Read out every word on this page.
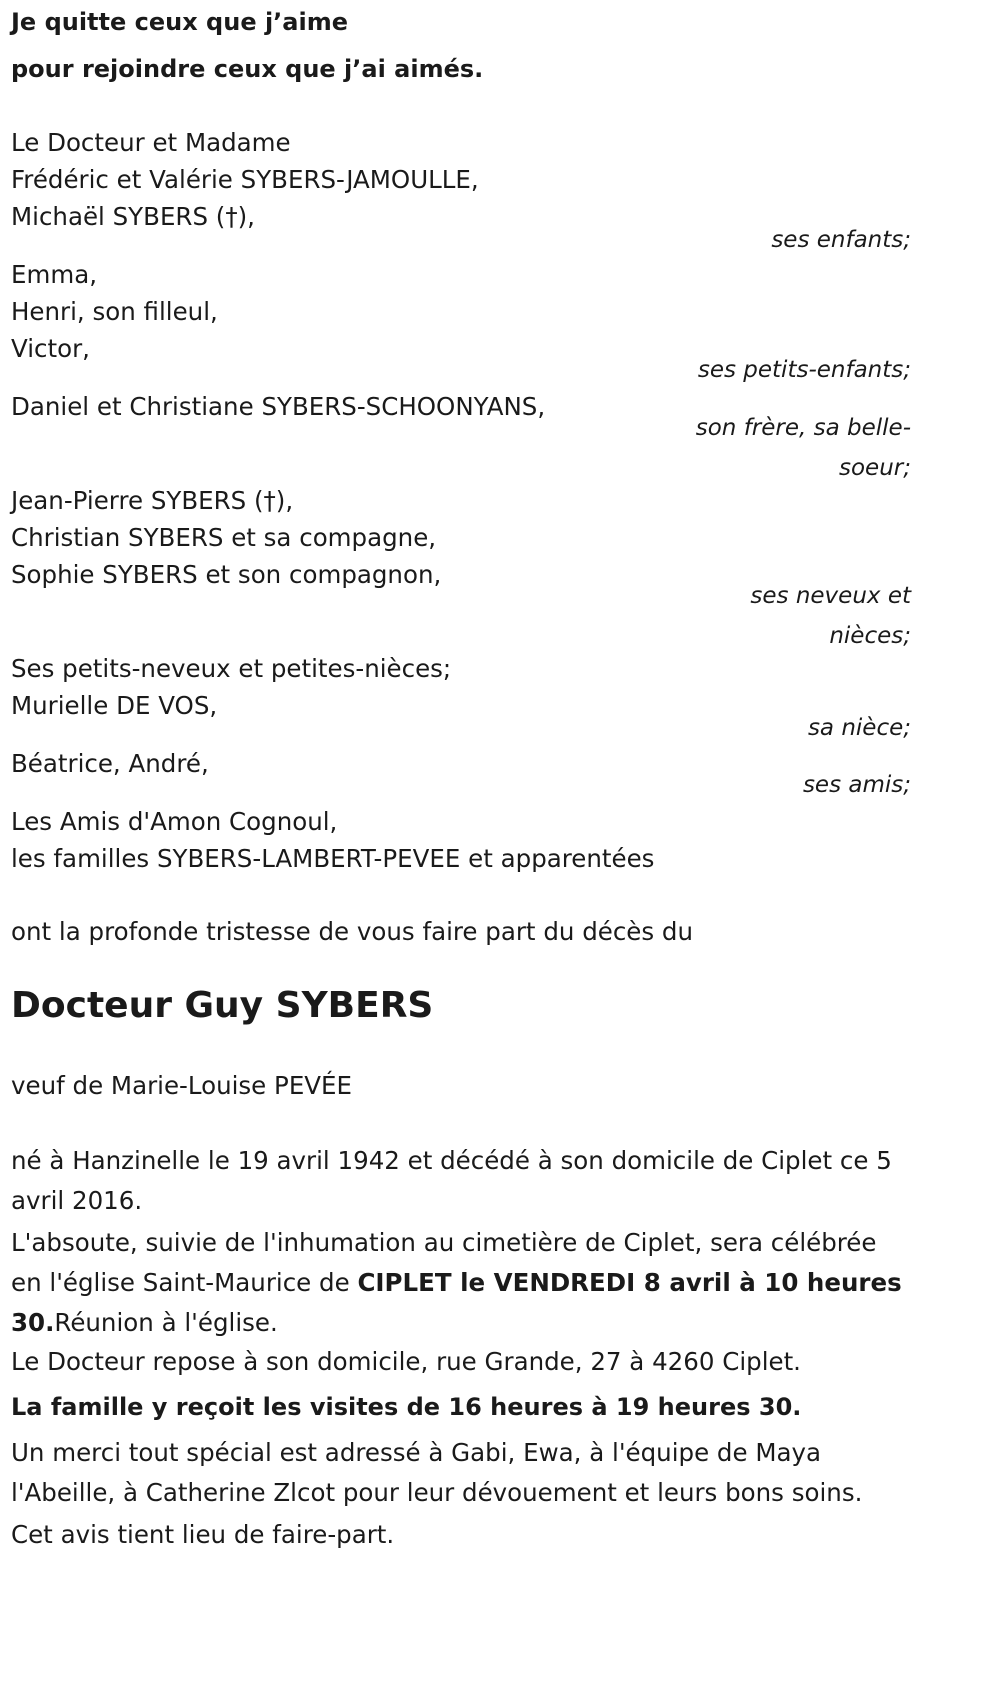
Je quitte ceux que j’aime
pour rejoindre ceux que j’ai aimés.
Le Docteur et Madame
Frédéric et Valérie SYBERS-JAMOULLE,
Michaël SYBERS (†),
ses enfants;
Emma,
Henri, son filleul,
Victor,
ses petits-enfants;
Daniel et Christiane SYBERS-SCHOONYANS,
son frère, sa belle-soeur;
Jean-Pierre SYBERS (†),
Christian SYBERS et sa compagne,
Sophie SYBERS et son compagnon,
ses neveux et nièces;
Ses petits-neveux et petites-nièces;
Murielle DE VOS,
sa nièce;
Béatrice, André,
ses amis;
Les Amis d'Amon Cognoul,
les familles SYBERS-LAMBERT-PEVEE et apparentées
ont la profonde tristesse de vous faire part du décès du
Docteur Guy SYBERS
veuf de Marie-Louise PEVÉE
né à Hanzinelle le 19 avril 1942 et décédé à son domicile de Ciplet ce 5 avril 2016.
L'absoute, suivie de l'inhumation au cimetière de Ciplet, sera célébrée en l'église Saint-Maurice de CIPLET le VENDREDI 8 avril à 10 heures 30.Réunion à l'église.
Le Docteur repose à son domicile, rue Grande, 27 à 4260 Ciplet.
La famille y reçoit les visites de 16 heures à 19 heures 30.
Un merci tout spécial est adressé à Gabi, Ewa, à l'équipe de Maya l'Abeille, à Catherine Zlcot pour leur dévouement et leurs bons soins.
Cet avis tient lieu de faire-part.
